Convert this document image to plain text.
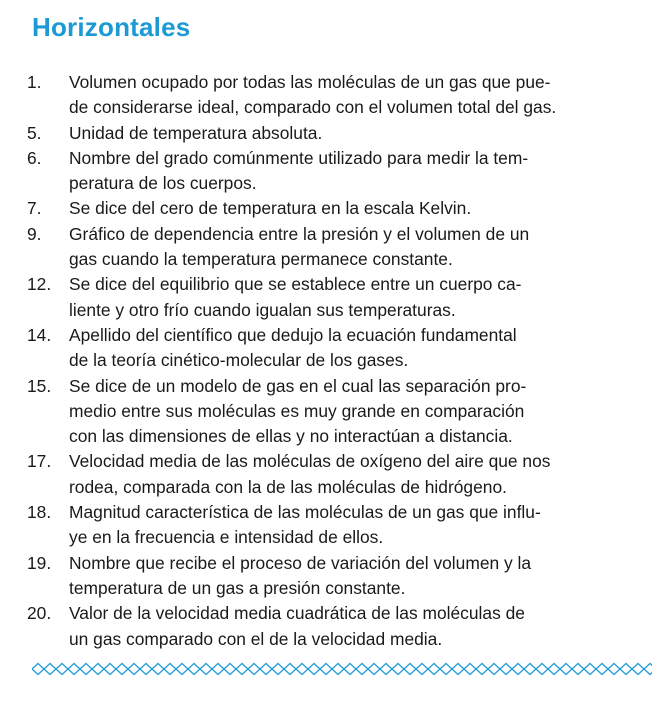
Horizontales
1.	Volumen ocupado por todas las moléculas de un gas que pue-
de considerarse ideal, comparado con el volumen total del gas.
5.	Unidad de temperatura absoluta.
6.	Nombre del grado comúnmente utilizado para medir la tem-
peratura de los cuerpos.
7.	Se dice del cero de temperatura en la escala Kelvin.
9.	Gráfico de dependencia entre la presión y el volumen de un
gas cuando la temperatura permanece constante.
12.	Se dice del equilibrio que se establece entre un cuerpo ca-
liente y otro frío cuando igualan sus temperaturas.
14.	Apellido del científico que dedujo la ecuación fundamental
de la teoría cinético-molecular de los gases.
15.	Se dice de un modelo de gas en el cual las separación pro-
medio entre sus moléculas es muy grande en comparación
con las dimensiones de ellas y no interactúan a distancia.
17.	Velocidad media de las moléculas de oxígeno del aire que nos
rodea, comparada con la de las moléculas de hidrógeno.
18.	Magnitud característica de las moléculas de un gas que influ-
ye en la frecuencia e intensidad de ellos.
19.	Nombre que recibe el proceso de variación del volumen y la
temperatura de un gas a presión constante.
20.	Valor de la velocidad media cuadrática de las moléculas de
un gas comparado con el de la velocidad media.
